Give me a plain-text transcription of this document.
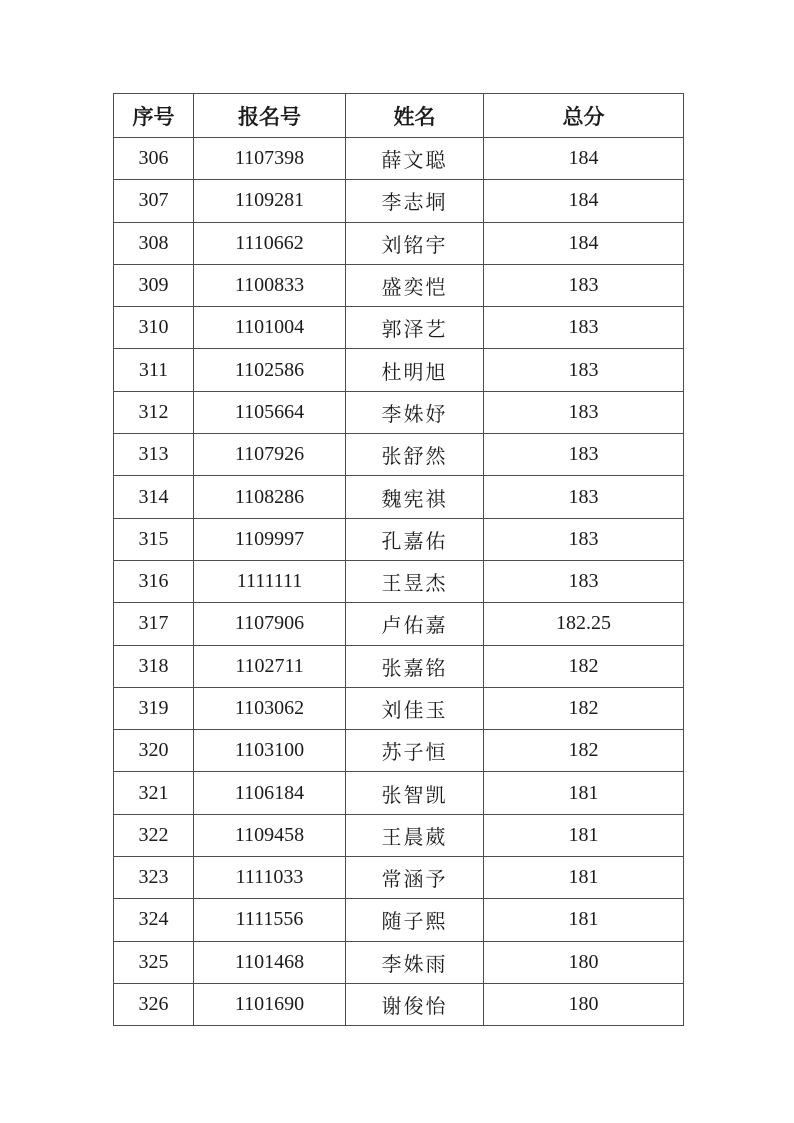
序号	报名号	姓名	总分
306	1107398	薛文聪	184
307	1109281	李志垌	184
308	1110662	刘铭宇	184
309	1100833	盛奕恺	183
310	1101004	郭泽艺	183
311	1102586	杜明旭	183
312	1105664	李姝妤	183
313	1107926	张舒然	183
314	1108286	魏宪祺	183
315	1109997	孔嘉佑	183
316	1111111	王昱杰	183
317	1107906	卢佑嘉	182.25
318	1102711	张嘉铭	182
319	1103062	刘佳玉	182
320	1103100	苏子恒	182
321	1106184	张智凯	181
322	1109458	王晨葳	181
323	1111033	常涵予	181
324	1111556	随子熙	181
325	1101468	李姝雨	180
326	1101690	谢俊怡	180
